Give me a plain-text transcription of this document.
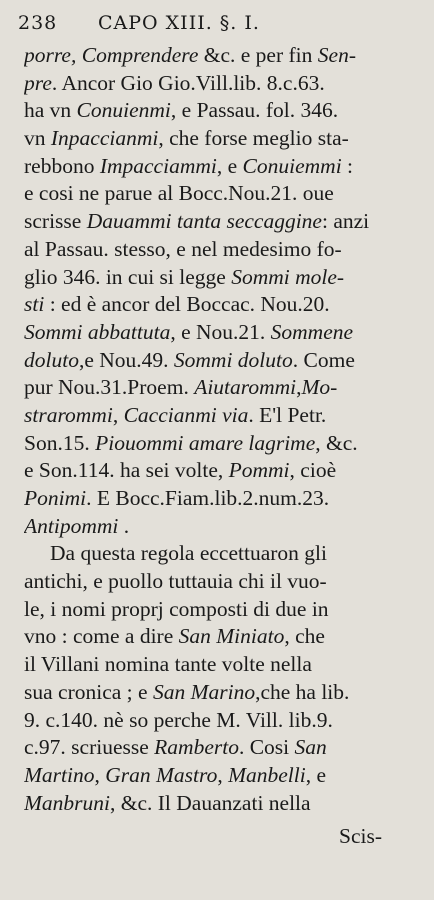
238	CAPO XIII. §. I.
porre, Comprendere &c. e per fin Sen-
pre. Ancor Gio Gio.Vill.lib. 8.c.63.
ha vn Conuienmi, e Passau. fol. 346.
vn Inpaccianmi, che forse meglio sta-
rebbono Impacciammi, e Conuiemmi :
e cosi ne parue al Bocc.Nou.21. oue
scrisse Dauammi tanta seccaggine: anzi
al Passau. stesso, e nel medesimo fo-
glio 346. in cui si legge Sommi mole-
sti : ed è ancor del Boccac. Nou.20.
Sommi abbattuta, e Nou.21. Sommene
doluto,e Nou.49. Sommi doluto. Come
pur Nou.31.Proem. Aiutarommi,Mo-
strarommi, Caccianmi via. E'l Petr.
Son.15. Piouommi amare lagrime, &c.
e Son.114. ha sei volte, Pommi, cioè
Ponimi. E Bocc.Fiam.lib.2.num.23.
Antipommi .
Da questa regola eccettuaron gli
antichi, e puollo tuttauia chi il vuo-
le, i nomi proprj composti di due in
vno : come a dire San Miniato, che
il Villani nomina tante volte nella
sua cronica ; e San Marino,che ha lib.
9. c.140. nè so perche M. Vill. lib.9.
c.97. scriuesse Ramberto. Cosi San
Martino, Gran Mastro, Manbelli, e
Manbruni, &c. Il Dauanzati nella
Scis-
